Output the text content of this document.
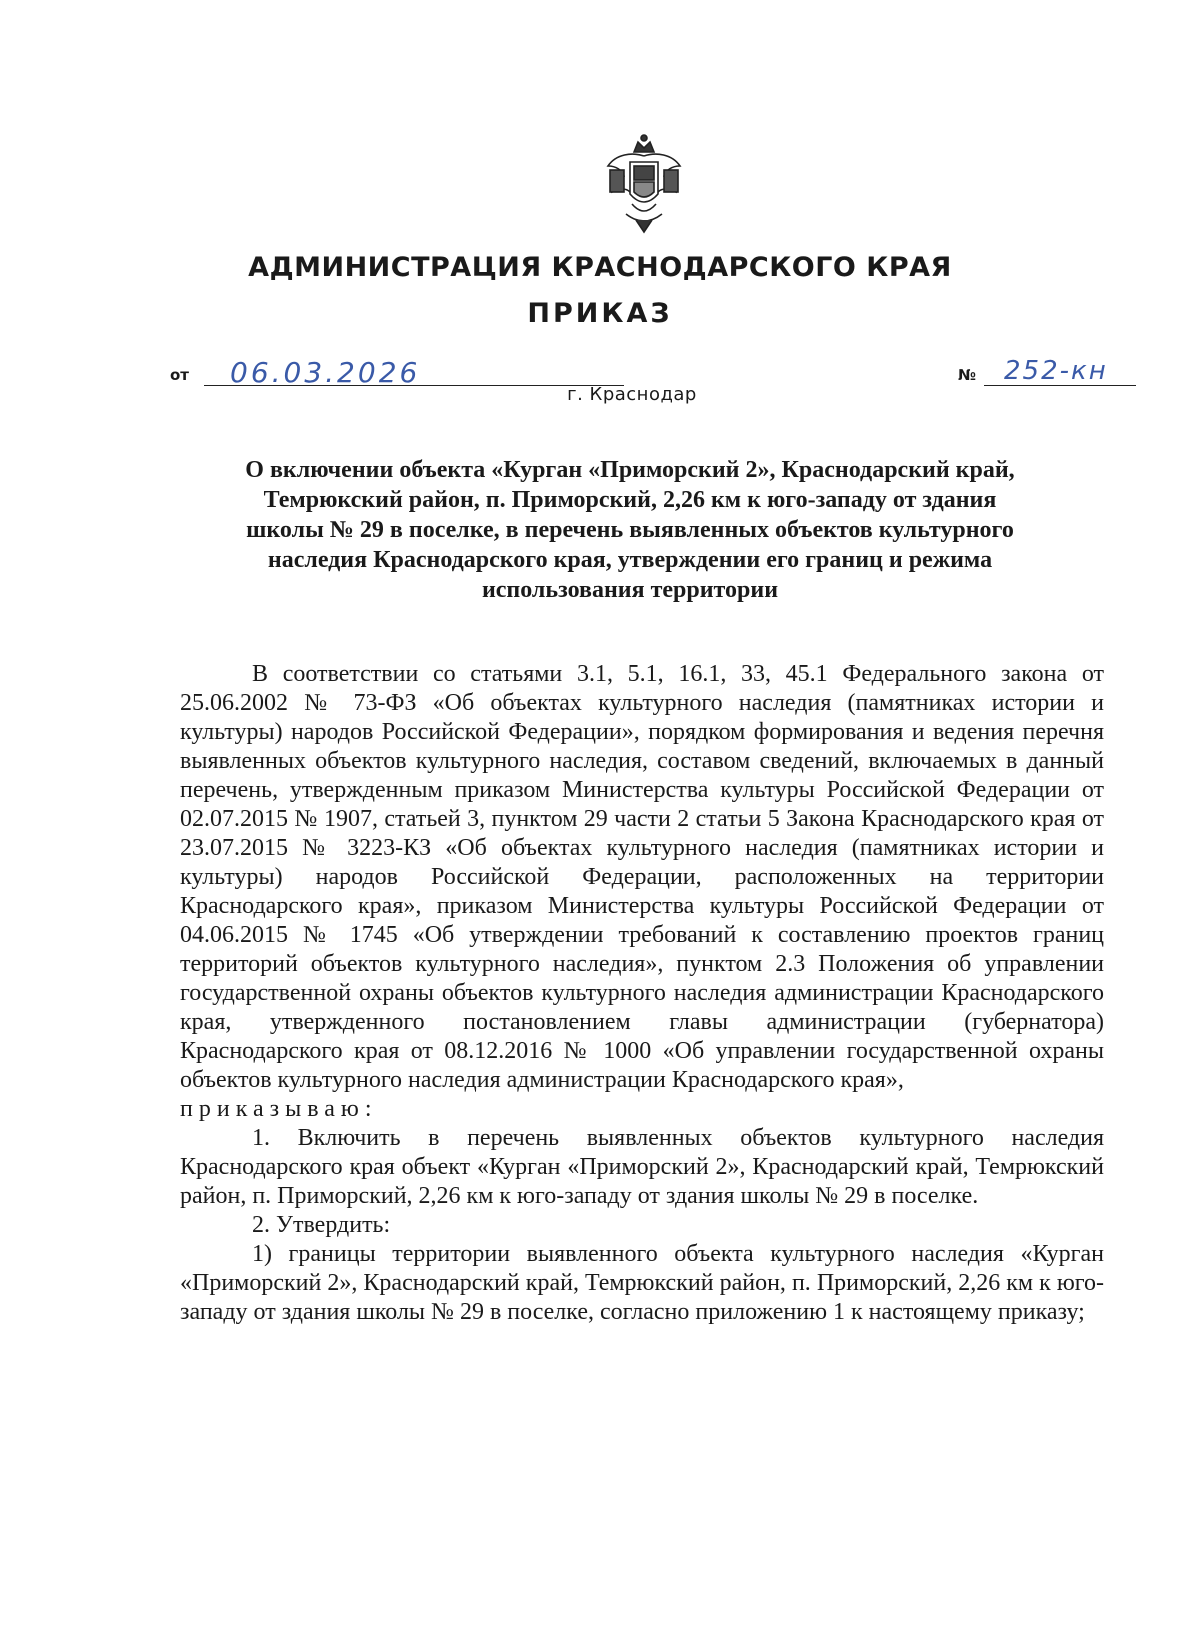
АДМИНИСТРАЦИЯ КРАСНОДАРСКОГО КРАЯ
ПРИКАЗ
от 06.03.2026	№ 252-кн
г. Краснодар
О включении объекта «Курган «Приморский 2», Краснодарский край,
Темрюкский район, п. Приморский, 2,26 км к юго-западу от здания
школы № 29 в поселке, в перечень выявленных объектов культурного
наследия Краснодарского края, утверждении его границ и режима
использования территории

В соответствии со статьями 3.1, 5.1, 16.1, 33, 45.1 Федерального закона от 25.06.2002 № 73-ФЗ «Об объектах культурного наследия (памятниках истории и культуры) народов Российской Федерации», порядком формирования и ведения перечня выявленных объектов культурного наследия, составом сведений, включаемых в данный перечень, утвержденным приказом Министерства культуры Российской Федерации от 02.07.2015 № 1907, статьей 3, пунктом 29 части 2 статьи 5 Закона Краснодарского края от 23.07.2015 № 3223-КЗ «Об объектах культурного наследия (памятниках истории и культуры) народов Российской Федерации, расположенных на территории Краснодарского края», приказом Министерства культуры Российской Федерации от 04.06.2015 № 1745 «Об утверждении требований к составлению проектов границ территорий объектов культурного наследия», пунктом 2.3 Положения об управлении государственной охраны объектов культурного наследия администрации Краснодарского края, утвержденного постановлением главы администрации (губернатора) Краснодарского края от 08.12.2016 № 1000 «Об управлении государственной охраны объектов культурного наследия администрации Краснодарского края»,

приказываю:

1. Включить в перечень выявленных объектов культурного наследия Краснодарского края объект «Курган «Приморский 2», Краснодарский край, Темрюкский район, п. Приморский, 2,26 км к юго-западу от здания школы № 29 в поселке.

2. Утвердить:

1) границы территории выявленного объекта культурного наследия «Курган «Приморский 2», Краснодарский край, Темрюкский район, п. Приморский, 2,26 км к юго-западу от здания школы № 29 в поселке, согласно приложению 1 к настоящему приказу;
